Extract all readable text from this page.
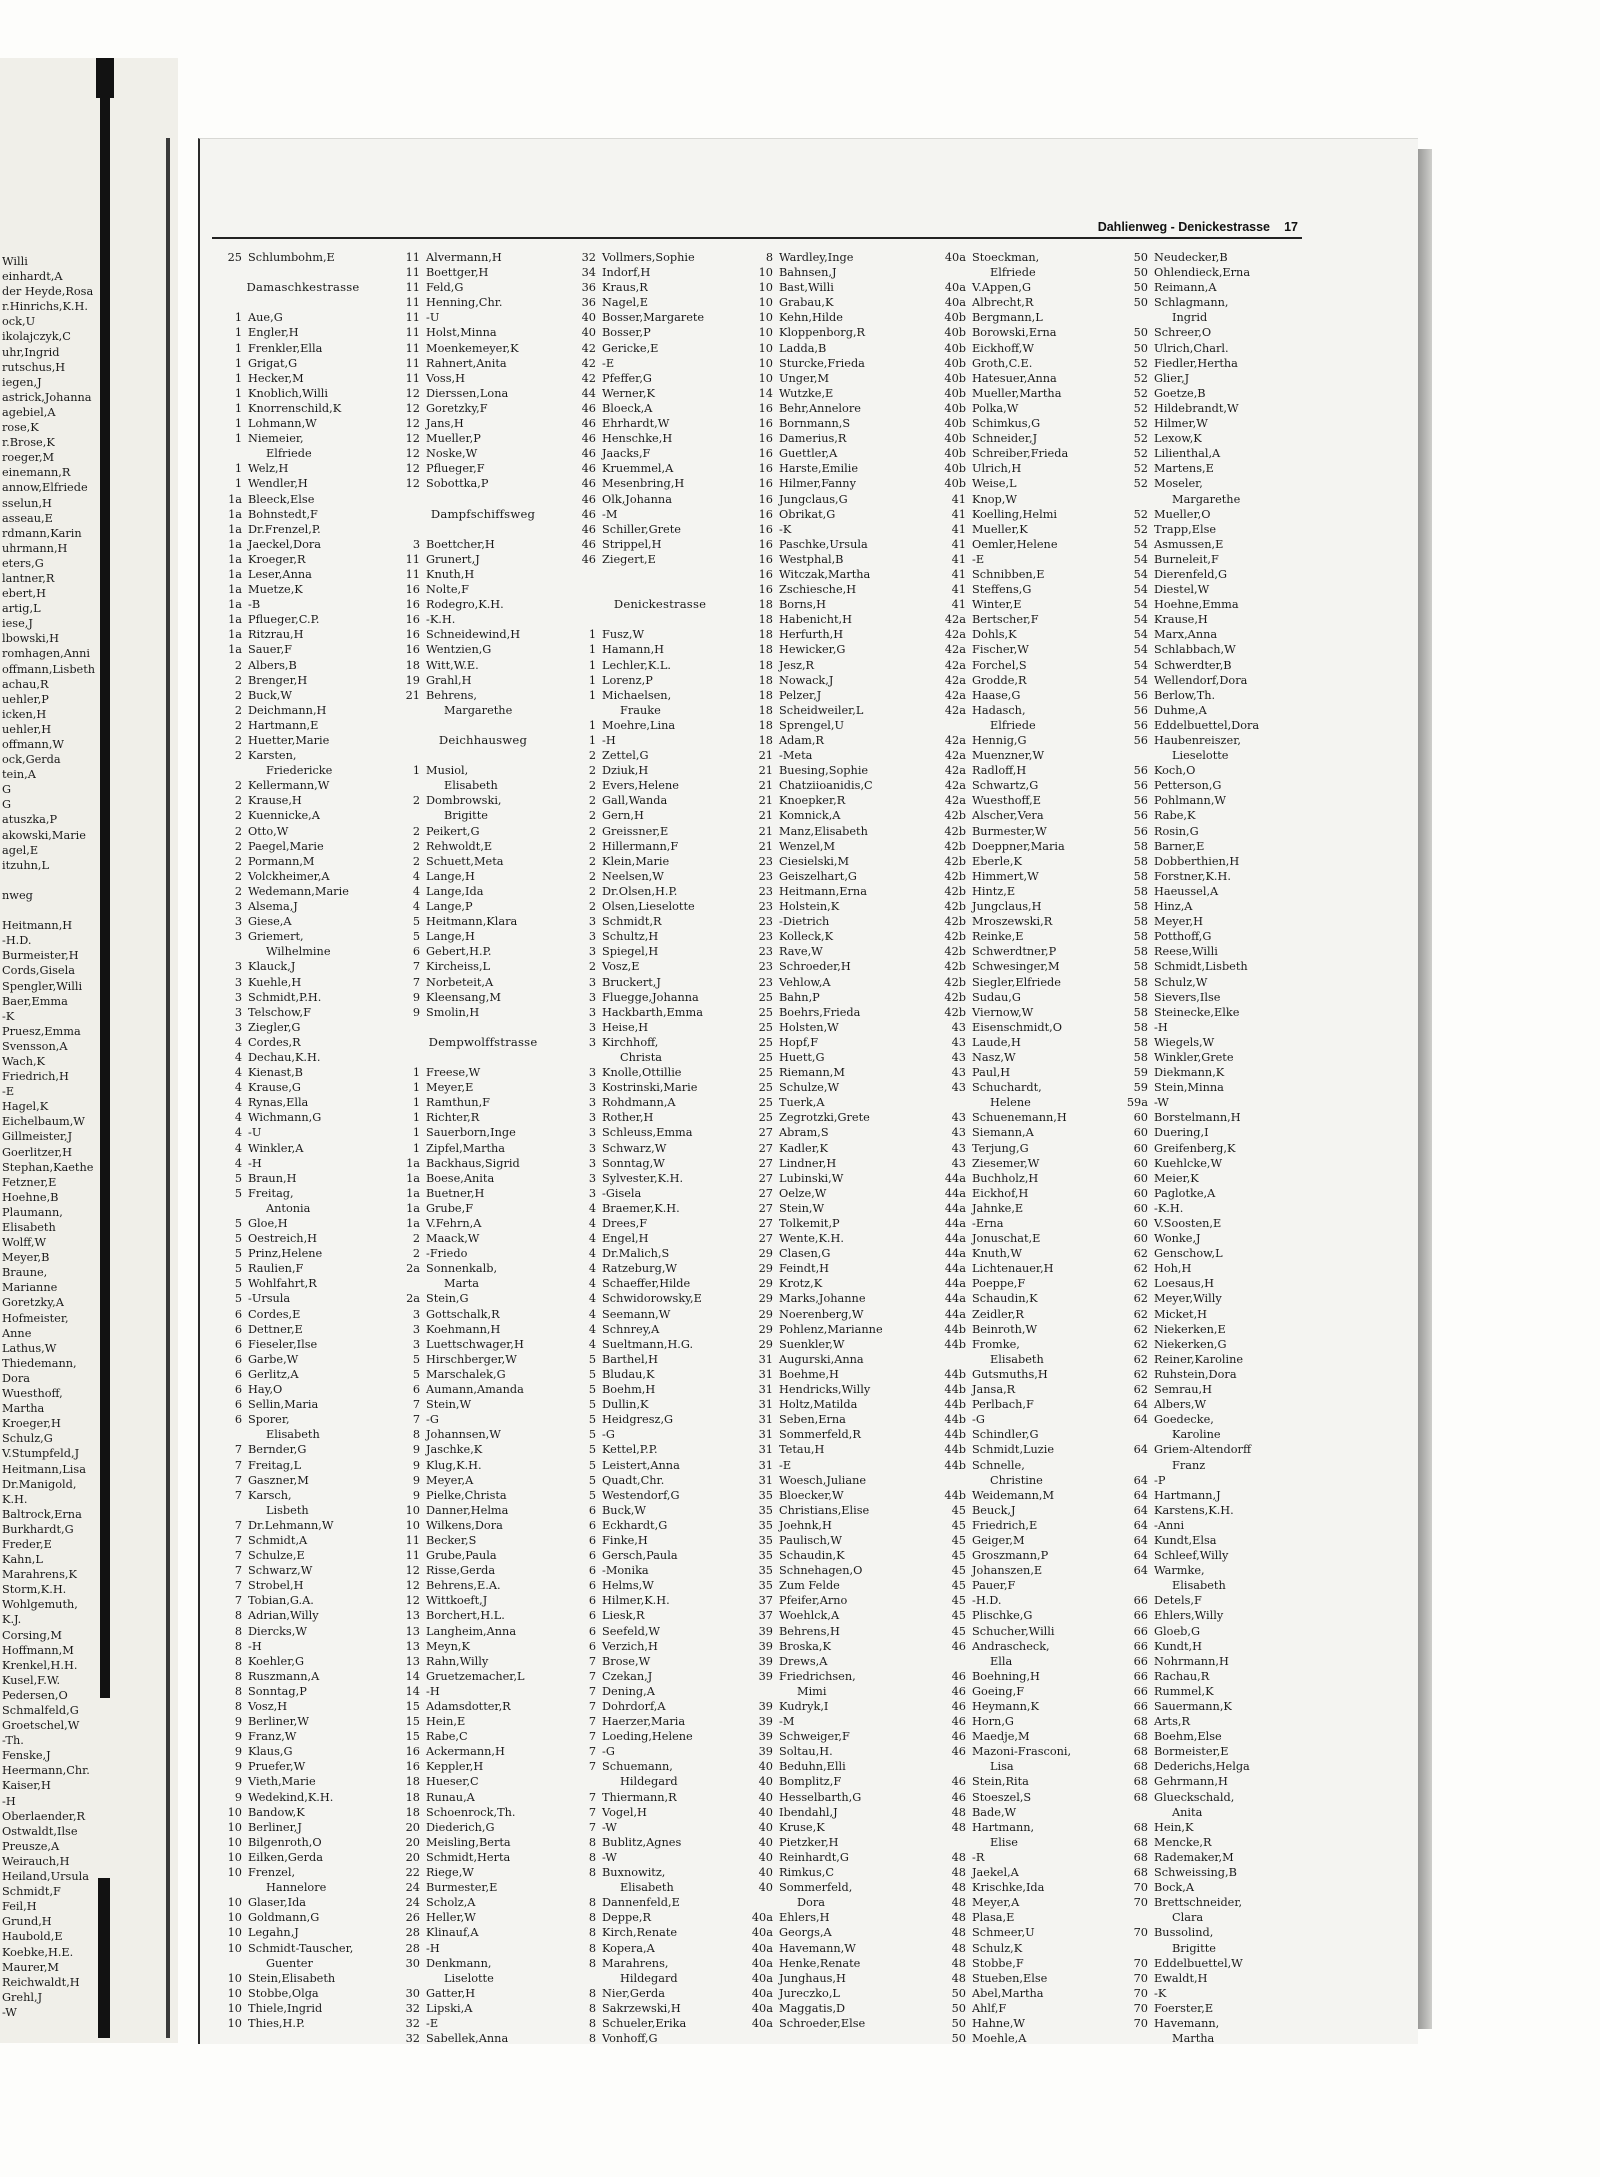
Willi
einhardt,A
der Heyde,Rosa
r.Hinrichs,K.H.
ock,U
ikolajczyk,C
uhr,Ingrid
rutschus,H
iegen,J
astrick,Johanna
agebiel,A
rose,K
r.Brose,K
roeger,M
einemann,R
annow,Elfriede
sselun,H
asseau,E
rdmann,Karin
uhrmann,H
eters,G
lantner,R
ebert,H
artig,L
iese,J
lbowski,H
romhagen,Anni
offmann,Lisbeth
achau,R
uehler,P
icken,H
uehler,H
offmann,W
ock,Gerda
tein,A
G
G
atuszka,P
akowski,Marie
agel,E
itzuhn,L
nweg
Heitmann,H
-H.D.
Burmeister,H
Cords,Gisela
Spengler,Willi
Baer,Emma
-K
Pruesz,Emma
Svensson,A
Wach,K
Friedrich,H
-E
Hagel,K
Eichelbaum,W
Gillmeister,J
Goerlitzer,H
Stephan,Kaethe
Fetzner,E
Hoehne,B
Plaumann,
Elisabeth
Wolff,W
Meyer,B
Braune,
Marianne
Goretzky,A
Hofmeister,
Anne
Lathus,W
Thiedemann,
Dora
Wuesthoff,
Martha
Kroeger,H
Schulz,G
V.Stumpfeld,J
Heitmann,Lisa
Dr.Manigold,
K.H.
Baltrock,Erna
Burkhardt,G
Freder,E
Kahn,L
Marahrens,K
Storm,K.H.
Wohlgemuth,
K.J.
Corsing,M
Hoffmann,M
Krenkel,H.H.
Kusel,F.W.
Pedersen,O
Schmalfeld,G
Groetschel,W
-Th.
Fenske,J
Heermann,Chr.
Kaiser,H
-H
Oberlaender,R
Ostwaldt,Ilse
Preusze,A
Weirauch,H
Heiland,Ursula
Schmidt,F
Feil,H
Grund,H
Haubold,E
Koebke,H.E.
Maurer,M
Reichwaldt,H
Grehl,J
-W
Dahlienweg - Denickestrasse 17
25 Schlumbohm,E
Damaschkestrasse
1 Aue,G
1 Engler,H
1 Frenkler,Ella
1 Grigat,G
1 Hecker,M
1 Knoblich,Willi
1 Knorrenschild,K
1 Lohmann,W
1 Niemeier,
Elfriede
1 Welz,H
1 Wendler,H
1a Bleeck,Else
1a Bohnstedt,F
1a Dr.Frenzel,P.
1a Jaeckel,Dora
1a Kroeger,R
1a Leser,Anna
1a Muetze,K
1a -B
1a Pflueger,C.P.
1a Ritzrau,H
1a Sauer,F
2 Albers,B
2 Brenger,H
2 Buck,W
2 Deichmann,H
2 Hartmann,E
2 Huetter,Marie
2 Karsten,
Friedericke
2 Kellermann,W
2 Krause,H
2 Kuennicke,A
2 Otto,W
2 Paegel,Marie
2 Pormann,M
2 Volckheimer,A
2 Wedemann,Marie
3 Alsema,J
3 Giese,A
3 Griemert,
Wilhelmine
3 Klauck,J
3 Kuehle,H
3 Schmidt,P.H.
3 Telschow,F
3 Ziegler,G
4 Cordes,R
4 Dechau,K.H.
4 Kienast,B
4 Krause,G
4 Rynas,Ella
4 Wichmann,G
4 -U
4 Winkler,A
4 -H
5 Braun,H
5 Freitag,
Antonia
5 Gloe,H
5 Oestreich,H
5 Prinz,Helene
5 Raulien,F
5 Wohlfahrt,R
5 -Ursula
6 Cordes,E
6 Dettner,E
6 Fieseler,Ilse
6 Garbe,W
6 Gerlitz,A
6 Hay,O
6 Sellin,Maria
6 Sporer,
Elisabeth
7 Bernder,G
7 Freitag,L
7 Gaszner,M
7 Karsch,
Lisbeth
7 Dr.Lehmann,W
7 Schmidt,A
7 Schulze,E
7 Schwarz,W
7 Strobel,H
7 Tobian,G.A.
8 Adrian,Willy
8 Diercks,W
8 -H
8 Koehler,G
8 Ruszmann,A
8 Sonntag,P
8 Vosz,H
9 Berliner,W
9 Franz,W
9 Klaus,G
9 Pruefer,W
9 Vieth,Marie
9 Wedekind,K.H.
10 Bandow,K
10 Berliner,J
10 Bilgenroth,O
10 Eilken,Gerda
10 Frenzel,
Hannelore
10 Glaser,Ida
10 Goldmann,G
10 Legahn,J
10 Schmidt-Tauscher,
Guenter
10 Stein,Elisabeth
10 Stobbe,Olga
10 Thiele,Ingrid
10 Thies,H.P.
11 Alvermann,H
11 Boettger,H
11 Feld,G
11 Henning,Chr.
11 -U
11 Holst,Minna
11 Moenkemeyer,K
11 Rahnert,Anita
11 Voss,H
12 Dierssen,Lona
12 Goretzky,F
12 Jans,H
12 Mueller,P
12 Noske,W
12 Pflueger,F
12 Sobottka,P
Dampfschiffsweg
3 Boettcher,H
11 Grunert,J
11 Knuth,H
16 Nolte,F
16 Rodegro,K.H.
16 -K.H.
16 Schneidewind,H
16 Wentzien,G
18 Witt,W.E.
19 Grahl,H
21 Behrens,
Margarethe
Deichhausweg
1 Musiol,
Elisabeth
2 Dombrowski,
Brigitte
2 Peikert,G
2 Rehwoldt,E
2 Schuett,Meta
4 Lange,H
4 Lange,Ida
4 Lange,P
5 Heitmann,Klara
5 Lange,H
6 Gebert,H.P.
7 Kircheiss,L
7 Norbeteit,A
9 Kleensang,M
9 Smolin,H
Dempwolffstrasse
1 Freese,W
1 Meyer,E
1 Ramthun,F
1 Richter,R
1 Sauerborn,Inge
1 Zipfel,Martha
1a Backhaus,Sigrid
1a Boese,Anita
1a Buetner,H
1a Grube,F
1a V.Fehrn,A
2 Maack,W
2 -Friedo
2a Sonnenkalb,
Marta
2a Stein,G
3 Gottschalk,R
3 Koehmann,H
3 Luettschwager,H
5 Hirschberger,W
5 Marschalek,G
6 Aumann,Amanda
7 Stein,W
7 -G
8 Johannsen,W
9 Jaschke,K
9 Klug,K.H.
9 Meyer,A
9 Pielke,Christa
10 Danner,Helma
10 Wilkens,Dora
11 Becker,S
11 Grube,Paula
12 Risse,Gerda
12 Behrens,E.A.
12 Wittkoeft,J
13 Borchert,H.L.
13 Langheim,Anna
13 Meyn,K
13 Rahn,Willy
14 Gruetzemacher,L
14 -H
15 Adamsdotter,R
15 Hein,E
15 Rabe,C
16 Ackermann,H
16 Keppler,H
18 Hueser,C
18 Runau,A
18 Schoenrock,Th.
20 Diederich,G
20 Meisling,Berta
20 Schmidt,Herta
22 Riege,W
24 Burmester,E
24 Scholz,A
26 Heller,W
28 Klinauf,A
28 -H
30 Denkmann,
Liselotte
30 Gatter,H
32 Lipski,A
32 -E
32 Sabellek,Anna
32 Vollmers,Sophie
34 Indorf,H
36 Kraus,R
36 Nagel,E
40 Bosser,Margarete
40 Bosser,P
42 Gericke,E
42 -E
42 Pfeffer,G
44 Werner,K
46 Bloeck,A
46 Ehrhardt,W
46 Henschke,H
46 Jaacks,F
46 Kruemmel,A
46 Mesenbring,H
46 Olk,Johanna
46 -M
46 Schiller,Grete
46 Strippel,H
46 Ziegert,E
Denickestrasse
1 Fusz,W
1 Hamann,H
1 Lechler,K.L.
1 Lorenz,P
1 Michaelsen,
Frauke
1 Moehre,Lina
1 -H
2 Zettel,G
2 Dziuk,H
2 Evers,Helene
2 Gall,Wanda
2 Gern,H
2 Greissner,E
2 Hillermann,F
2 Klein,Marie
2 Neelsen,W
2 Dr.Olsen,H.P.
2 Olsen,Lieselotte
3 Schmidt,R
3 Schultz,H
3 Spiegel,H
2 Vosz,E
3 Bruckert,J
3 Fluegge,Johanna
3 Hackbarth,Emma
3 Heise,H
3 Kirchhoff,
Christa
3 Knolle,Ottillie
3 Kostrinski,Marie
3 Rohdmann,A
3 Rother,H
3 Schleuss,Emma
3 Schwarz,W
3 Sonntag,W
3 Sylvester,K.H.
3 -Gisela
4 Braemer,K.H.
4 Drees,F
4 Engel,H
4 Dr.Malich,S
4 Ratzeburg,W
4 Schaeffer,Hilde
4 Schwidorowsky,E
4 Seemann,W
4 Schnrey,A
4 Sueltmann,H.G.
5 Barthel,H
5 Bludau,K
5 Boehm,H
5 Dullin,K
5 Heidgresz,G
5 -G
5 Kettel,P.P.
5 Leistert,Anna
5 Quadt,Chr.
5 Westendorf,G
6 Buck,W
6 Eckhardt,G
6 Finke,H
6 Gersch,Paula
6 -Monika
6 Helms,W
6 Hilmer,K.H.
6 Liesk,R
6 Seefeld,W
6 Verzich,H
7 Brose,W
7 Czekan,J
7 Dening,A
7 Dohrdorf,A
7 Haerzer,Maria
7 Loeding,Helene
7 -G
7 Schuemann,
Hildegard
7 Thiermann,R
7 Vogel,H
7 -W
8 Bublitz,Agnes
8 -W
8 Buxnowitz,
Elisabeth
8 Dannenfeld,E
8 Deppe,R
8 Kirch,Renate
8 Kopera,A
8 Marahrens,
Hildegard
8 Nier,Gerda
8 Sakrzewski,H
8 Schueler,Erika
8 Vonhoff,G
8 Wardley,Inge
10 Bahnsen,J
10 Bast,Willi
10 Grabau,K
10 Kehn,Hilde
10 Kloppenborg,R
10 Ladda,B
10 Sturcke,Frieda
10 Unger,M
14 Wutzke,E
16 Behr,Annelore
16 Bornmann,S
16 Damerius,R
16 Guettler,A
16 Harste,Emilie
16 Hilmer,Fanny
16 Jungclaus,G
16 Obrikat,G
16 -K
16 Paschke,Ursula
16 Westphal,B
16 Witczak,Martha
16 Zschiesche,H
18 Borns,H
18 Habenicht,H
18 Herfurth,H
18 Hewicker,G
18 Jesz,R
18 Nowack,J
18 Pelzer,J
18 Scheidweiler,L
18 Sprengel,U
18 Adam,R
21 -Meta
21 Buesing,Sophie
21 Chatziioanidis,C
21 Knoepker,R
21 Komnick,A
21 Manz,Elisabeth
21 Wenzel,M
23 Ciesielski,M
23 Geiszelhart,G
23 Heitmann,Erna
23 Holstein,K
23 -Dietrich
23 Kolleck,K
23 Rave,W
23 Schroeder,H
23 Vehlow,A
25 Bahn,P
25 Boehrs,Frieda
25 Holsten,W
25 Hopf,F
25 Huett,G
25 Riemann,M
25 Schulze,W
25 Tuerk,A
25 Zegrotzki,Grete
27 Abram,S
27 Kadler,K
27 Lindner,H
27 Lubinski,W
27 Oelze,W
27 Stein,W
27 Tolkemit,P
27 Wente,K.H.
29 Clasen,G
29 Feindt,H
29 Krotz,K
29 Marks,Johanne
29 Noerenberg,W
29 Pohlenz,Marianne
29 Suenkler,W
31 Augurski,Anna
31 Boehme,H
31 Hendricks,Willy
31 Holtz,Matilda
31 Seben,Erna
31 Sommerfeld,R
31 Tetau,H
31 -E
31 Woesch,Juliane
35 Bloecker,W
35 Christians,Elise
35 Joehnk,H
35 Paulisch,W
35 Schaudin,K
35 Schnehagen,O
35 Zum Felde
37 Pfeifer,Arno
37 Woehlck,A
39 Behrens,H
39 Broska,K
39 Drews,A
39 Friedrichsen,
Mimi
39 Kudryk,I
39 -M
39 Schweiger,F
39 Soltau,H.
40 Beduhn,Elli
40 Bomplitz,F
40 Hesselbarth,G
40 Ibendahl,J
40 Kruse,K
40 Pietzker,H
40 Reinhardt,G
40 Rimkus,C
40 Sommerfeld,
Dora
40a Ehlers,H
40a Georgs,A
40a Havemann,W
40a Henke,Renate
40a Junghaus,H
40a Jureczko,L
40a Maggatis,D
40a Schroeder,Else
40a Stoeckman,
Elfriede
40a V.Appen,G
40a Albrecht,R
40b Bergmann,L
40b Borowski,Erna
40b Eickhoff,W
40b Groth,C.E.
40b Hatesuer,Anna
40b Mueller,Martha
40b Polka,W
40b Schimkus,G
40b Schneider,J
40b Schreiber,Frieda
40b Ulrich,H
40b Weise,L
41 Knop,W
41 Koelling,Helmi
41 Mueller,K
41 Oemler,Helene
41 -E
41 Schnibben,E
41 Steffens,G
41 Winter,E
42a Bertscher,F
42a Dohls,K
42a Fischer,W
42a Forchel,S
42a Grodde,R
42a Haase,G
42a Hadasch,
Elfriede
42a Hennig,G
42a Muenzner,W
42a Radloff,H
42a Schwartz,G
42a Wuesthoff,E
42b Alscher,Vera
42b Burmester,W
42b Doeppner,Maria
42b Eberle,K
42b Himmert,W
42b Hintz,E
42b Jungclaus,H
42b Mroszewski,R
42b Reinke,E
42b Schwerdtner,P
42b Schwesinger,M
42b Siegler,Elfriede
42b Sudau,G
42b Viernow,W
43 Eisenschmidt,O
43 Laude,H
43 Nasz,W
43 Paul,H
43 Schuchardt,
Helene
43 Schuenemann,H
43 Siemann,A
43 Terjung,G
43 Ziesemer,W
44a Buchholz,H
44a Eickhof,H
44a Jahnke,E
44a -Erna
44a Jonuschat,E
44a Knuth,W
44a Lichtenauer,H
44a Poeppe,F
44a Schaudin,K
44a Zeidler,R
44b Beinroth,W
44b Fromke,
Elisabeth
44b Gutsmuths,H
44b Jansa,R
44b Perlbach,F
44b -G
44b Schindler,G
44b Schmidt,Luzie
44b Schnelle,
Christine
44b Weidemann,M
45 Beuck,J
45 Friedrich,E
45 Geiger,M
45 Groszmann,P
45 Johanszen,E
45 Pauer,F
45 -H.D.
45 Plischke,G
45 Schucher,Willi
46 Andrascheck,
Ella
46 Boehning,H
46 Goeing,F
46 Heymann,K
46 Horn,G
46 Maedje,M
46 Mazoni-Frasconi,
Lisa
46 Stein,Rita
46 Stoeszel,S
48 Bade,W
48 Hartmann,
Elise
48 -R
48 Jaekel,A
48 Krischke,Ida
48 Meyer,A
48 Plasa,E
48 Schmeer,U
48 Schulz,K
48 Stobbe,F
48 Stueben,Else
50 Abel,Martha
50 Ahlf,F
50 Hahne,W
50 Moehle,A
50 Neudecker,B
50 Ohlendieck,Erna
50 Reimann,A
50 Schlagmann,
Ingrid
50 Schreer,O
50 Ulrich,Charl.
52 Fiedler,Hertha
52 Glier,J
52 Goetze,B
52 Hildebrandt,W
52 Hilmer,W
52 Lexow,K
52 Lilienthal,A
52 Martens,E
52 Moseler,
Margarethe
52 Mueller,O
52 Trapp,Else
54 Asmussen,E
54 Burneleit,F
54 Dierenfeld,G
54 Diestel,W
54 Hoehne,Emma
54 Krause,H
54 Marx,Anna
54 Schlabbach,W
54 Schwerdter,B
54 Wellendorf,Dora
56 Berlow,Th.
56 Duhme,A
56 Eddelbuettel,Dora
56 Haubenreiszer,
Lieselotte
56 Koch,O
56 Petterson,G
56 Pohlmann,W
56 Rabe,K
56 Rosin,G
58 Barner,E
58 Dobberthien,H
58 Forstner,K.H.
58 Haeussel,A
58 Hinz,A
58 Meyer,H
58 Potthoff,G
58 Reese,Willi
58 Schmidt,Lisbeth
58 Schulz,W
58 Sievers,Ilse
58 Steinecke,Elke
58 -H
58 Wiegels,W
58 Winkler,Grete
59 Diekmann,K
59 Stein,Minna
59a -W
60 Borstelmann,H
60 Duering,I
60 Greifenberg,K
60 Kuehlcke,W
60 Meier,K
60 Paglotke,A
60 -K.H.
60 V.Soosten,E
60 Wonke,J
62 Genschow,L
62 Hoh,H
62 Loesaus,H
62 Meyer,Willy
62 Micket,H
62 Niekerken,E
62 Niekerken,G
62 Reiner,Karoline
62 Ruhstein,Dora
62 Semrau,H
64 Albers,W
64 Goedecke,
Karoline
64 Griem-Altendorff
Franz
64 -P
64 Hartmann,J
64 Karstens,K.H.
64 -Anni
64 Kundt,Elsa
64 Schleef,Willy
64 Warmke,
Elisabeth
66 Detels,F
66 Ehlers,Willy
66 Gloeb,G
66 Kundt,H
66 Nohrmann,H
66 Rachau,R
66 Rummel,K
66 Sauermann,K
68 Arts,R
68 Boehm,Else
68 Bormeister,E
68 Dederichs,Helga
68 Gehrmann,H
68 Glueckschald,
Anita
68 Hein,K
68 Mencke,R
68 Rademaker,M
68 Schweissing,B
70 Bock,A
70 Brettschneider,
Clara
70 Bussolind,
Brigitte
70 Eddelbuettel,W
70 Ewaldt,H
70 -K
70 Foerster,E
70 Havemann,
Martha
